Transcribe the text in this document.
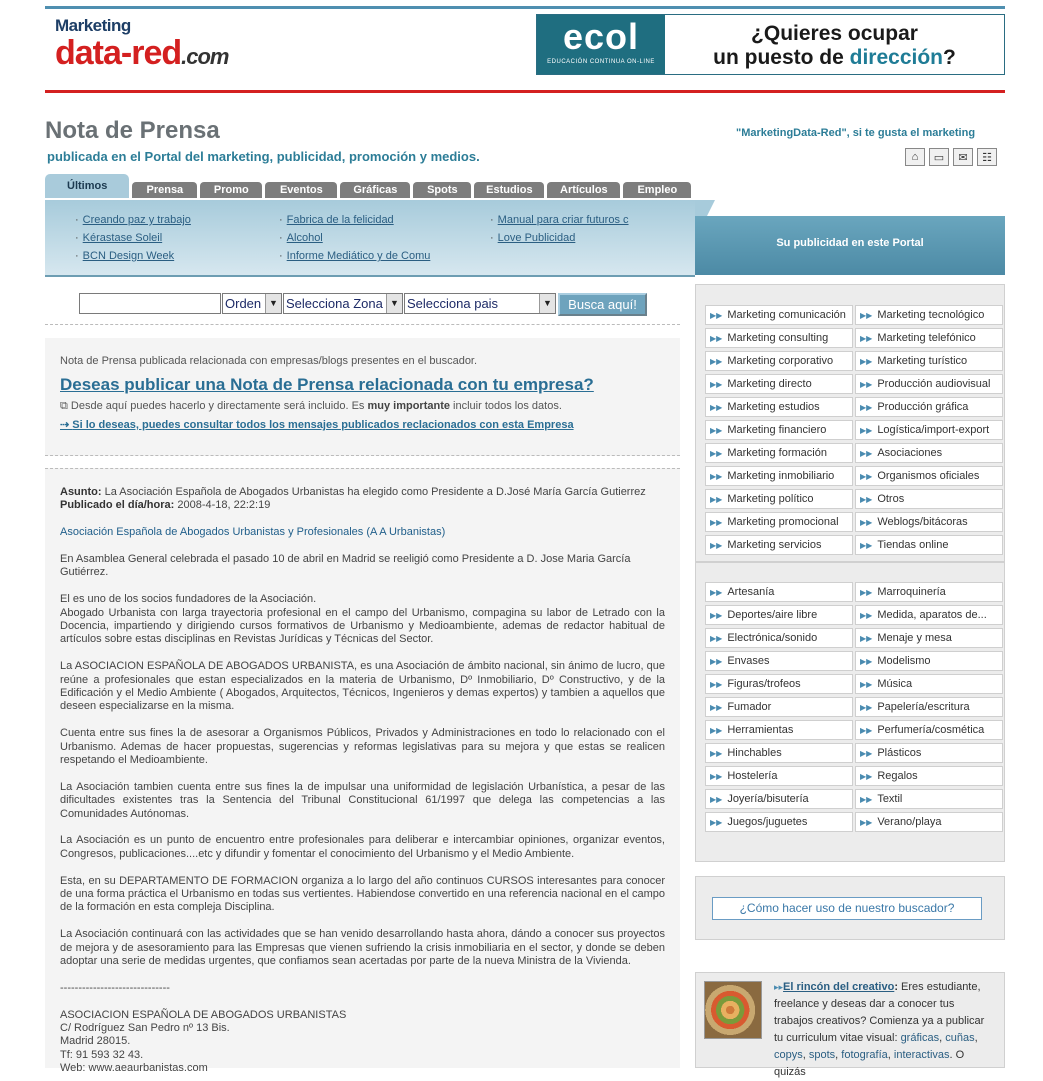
Marketing
data-red.com	ecol
EDUCACIÓN CONTINUA ON-LINE
¿Quieres ocupar
un puesto de dirección?
Nota de Prensa
publicada en el Portal del marketing, publicidad, promoción y medios.
"MarketingData-Red", si te gusta el marketing
⌂	▭	✉	☷
Últimos	Prensa	Promo	Eventos	Gráficas	Spots	Estudios	Artículos	Empleo
· Creando paz y trabajo
· Kérastase Soleil
· BCN Design Week
· Fabrica de la felicidad
· Alcohol
· Informe Mediático y de Comu
· Manual para criar futuros c
· Love Publicidad	Su publicidad en este Portal
Orden ▼ Selecciona Zona ▼ Selecciona pais	▼	Busca aquí!
Nota de Prensa publicada relacionada con empresas/blogs presentes en el buscador.
Deseas publicar una Nota de Prensa relacionada con tu empresa?
⧉ Desde aquí puedes hacerlo y directamente será incluido. Es muy importante incluir todos los datos.
⇢ Si lo deseas, puedes consultar todos los mensajes publicados reclacionados con esta Empresa

Asunto: La Asociación Española de Abogados Urbanistas ha elegido como Presidente a D.José María García Gutierrez
Publicado el día/hora: 2008-4-18, 22:2:19

Asociación Española de Abogados Urbanistas y Profesionales (A A Urbanistas)

En Asamblea General celebrada el pasado 10 de abril en Madrid se reeligió como Presidente a D. Jose Maria García Gutiérrez.

El es uno de los socios fundadores de la Asociación.
Abogado Urbanista con larga trayectoria profesional en el campo del Urbanismo, compagina su labor de Letrado con la Docencia, impartiendo y dirigiendo cursos formativos de Urbanismo y Medioambiente, ademas de redactor habitual de artículos sobre estas disciplinas en Revistas Jurídicas y Técnicas del Sector.

La ASOCIACION ESPAÑOLA DE ABOGADOS URBANISTA, es una Asociación de ámbito nacional, sin ánimo de lucro, que reúne a profesionales que estan especializados en la materia de Urbanismo, Dº Inmobiliario, Dº Constructivo, y de la Edificación y el Medio Ambiente ( Abogados, Arquitectos, Técnicos, Ingenieros y demas expertos) y tambien a aquellos que deseen especializarse en la misma.

Cuenta entre sus fines la de asesorar a Organismos Públicos, Privados y Administraciones en todo lo relacionado con el Urbanismo. Ademas de hacer propuestas, sugerencias y reformas legislativas para su mejora y que estas se realicen respetando el Medioambiente.

La Asociación tambien cuenta entre sus fines la de impulsar una uniformidad de legislación Urbanística, a pesar de las dificultades existentes tras la Sentencia del Tribunal Constitucional 61/1997 que delega las competencias a las Comunidades Autónomas.

La Asociación es un punto de encuentro entre profesionales para deliberar e intercambiar opiniones, organizar eventos, Congresos, publicaciones....etc y difundir y fomentar el conocimiento del Urbanismo y el Medio Ambiente.

Esta, en su DEPARTAMENTO DE FORMACION organiza a lo largo del año continuos CURSOS interesantes para conocer de una forma práctica el Urbanismo en todas sus vertientes. Habiendose convertido en una referencia nacional en el campo de la formación en esta compleja Disciplina.

La Asociación continuará con las actividades que se han venido desarrollando hasta ahora, dándo a conocer sus proyectos de mejora y de asesoramiento para las Empresas que vienen sufriendo la crisis inmobiliaria en el sector, y donde se deben adoptar una serie de medidas urgentes, que confiamos sean acertadas por parte de la nueva Ministra de la Vivienda.

------------------------------

ASOCIACION ESPAÑOLA DE ABOGADOS URBANISTAS
C/ Rodríguez San Pedro nº 13 Bis.
Madrid 28015.
Tf: 91 593 32 43.
Web: www.aeaurbanistas.com

▶▶ Marketing comunicación	▶▶ Marketing tecnológico
▶▶ Marketing consulting	▶▶ Marketing telefónico
▶▶ Marketing corporativo	▶▶ Marketing turístico
▶▶ Marketing directo	▶▶ Producción audiovisual
▶▶ Marketing estudios	▶▶ Producción gráfica
▶▶ Marketing financiero	▶▶ Logística/import-export
▶▶ Marketing formación	▶▶ Asociaciones
▶▶ Marketing inmobiliario	▶▶ Organismos oficiales
▶▶ Marketing político	▶▶ Otros
▶▶ Marketing promocional	▶▶ Weblogs/bitácoras
▶▶ Marketing servicios	▶▶ Tiendas online
▶▶ Artesanía	▶▶ Marroquinería
▶▶ Deportes/aire libre	▶▶ Medida, aparatos de...
▶▶ Electrónica/sonido	▶▶ Menaje y mesa
▶▶ Envases	▶▶ Modelismo
▶▶ Figuras/trofeos	▶▶ Música
▶▶ Fumador	▶▶ Papelería/escritura
▶▶ Herramientas	▶▶ Perfumería/cosmética
▶▶ Hinchables	▶▶ Plásticos
▶▶ Hostelería	▶▶ Regalos
▶▶ Joyería/bisutería	▶▶ Textil
▶▶ Juegos/juguetes	▶▶ Verano/playa
¿Cómo hacer uso de nuestro buscador?
▸▸El rincón del creativo: Eres estudiante, freelance y deseas dar a conocer tus trabajos creativos? Comienza ya a publicar tu curriculum vitae visual: gráficas, cuñas, copys, spots, fotografía, interactivas. O quizás
